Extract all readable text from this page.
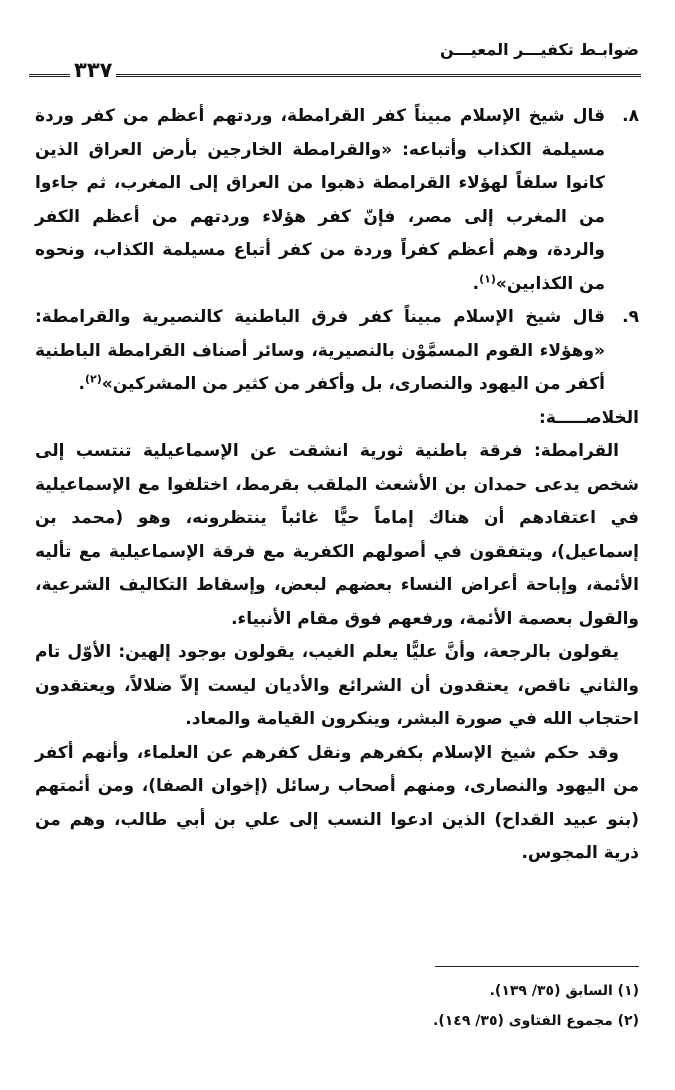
ضوابـط تكفيـــر المعيـــن
٣٣٧
٨.

قال شيخ الإسلام مبيناً كفر القرامطة، وردتهم أعظم من كفر وردة مسيلمة الكذاب وأتباعه: «والقرامطة الخارجين بأرض العراق الذين كانوا سلفاً لهؤلاء القرامطة ذهبوا من العراق إلى المغرب، ثم جاءوا من المغرب إلى مصر، فإنّ كفر هؤلاء وردتهم من أعظم الكفر والردة، وهم أعظم كفراً وردة من كفر أتباع مسيلمة الكذاب، ونحوه من الكذابين»$^{(١)}$.

٩.

قال شيخ الإسلام مبيناً كفر فرق الباطنية كالنصيرية والقرامطة: «وهؤلاء القوم المسمَّوْن بالنصيرية، وسائر أصناف القرامطة الباطنية أكفر من اليهود والنصارى، بل وأكفر من كثير من المشركين»$^{(٢)}$.

الخلاصـــــة:

القرامطة: فرقة باطنية ثورية انشقت عن الإسماعيلية تنتسب إلى شخص يدعى حمدان بن الأشعث الملقب بقرمط، اختلفوا مع الإسماعيلية في اعتقادهم أن هناك إماماً حيًّا غائباً ينتظرونه، وهو (محمد بن إسماعيل)، ويتفقون في أصولهم الكفرية مع فرقة الإسماعيلية مع تأليه الأئمة، وإباحة أعراض النساء بعضهم لبعض، وإسقاط التكاليف الشرعية، والقول بعصمة الأئمة، ورفعهم فوق مقام الأنبياء.

يقولون بالرجعة، وأنَّ عليًّا يعلم الغيب، يقولون بوجود إلهين: الأوّل تام والثاني ناقص، يعتقدون أن الشرائع والأديان ليست إلاّ ضلالاً، ويعتقدون احتجاب الله في صورة البشر، وينكرون القيامة والمعاد.

وقد حكم شيخ الإسلام بكفرهم ونقل كفرهم عن العلماء، وأنهم أكفر من اليهود والنصارى، ومنهم أصحاب رسائل (إخوان الصفا)، ومن أئمتهم (بنو عبيد القداح) الذين ادعوا النسب إلى علي بن أبي طالب، وهم من ذرية المجوس.

(١) السابق (٣٥/ ١٣٩).

(٢) مجموع الفتاوى (٣٥/ ١٤٩).
